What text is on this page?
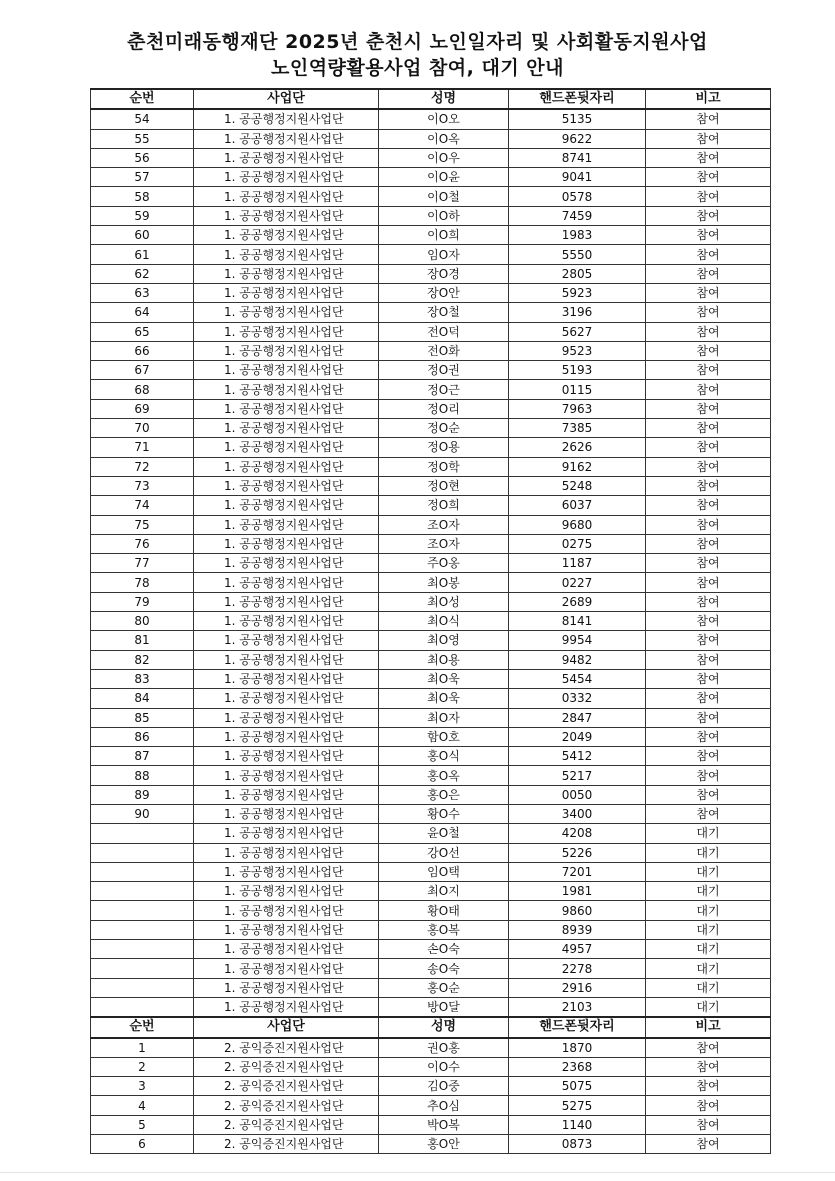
춘천미래동행재단 2025년 춘천시 노인일자리 및 사회활동지원사업
노인역량활용사업 참여, 대기 안내
순번	사업단	성명	핸드폰뒷자리	비고
54	1. 공공행정지원사업단	이O오	5135	참여
55	1. 공공행정지원사업단	이O옥	9622	참여
56	1. 공공행정지원사업단	이O우	8741	참여
57	1. 공공행정지원사업단	이O윤	9041	참여
58	1. 공공행정지원사업단	이O철	0578	참여
59	1. 공공행정지원사업단	이O하	7459	참여
60	1. 공공행정지원사업단	이O희	1983	참여
61	1. 공공행정지원사업단	임O자	5550	참여
62	1. 공공행정지원사업단	장O경	2805	참여
63	1. 공공행정지원사업단	장O안	5923	참여
64	1. 공공행정지원사업단	장O철	3196	참여
65	1. 공공행정지원사업단	전O덕	5627	참여
66	1. 공공행정지원사업단	전O화	9523	참여
67	1. 공공행정지원사업단	정O권	5193	참여
68	1. 공공행정지원사업단	정O근	0115	참여
69	1. 공공행정지원사업단	정O리	7963	참여
70	1. 공공행정지원사업단	정O순	7385	참여
71	1. 공공행정지원사업단	정O용	2626	참여
72	1. 공공행정지원사업단	정O학	9162	참여
73	1. 공공행정지원사업단	정O현	5248	참여
74	1. 공공행정지원사업단	정O희	6037	참여
75	1. 공공행정지원사업단	조O자	9680	참여
76	1. 공공행정지원사업단	조O자	0275	참여
77	1. 공공행정지원사업단	주O옹	1187	참여
78	1. 공공행정지원사업단	최O봉	0227	참여
79	1. 공공행정지원사업단	최O성	2689	참여
80	1. 공공행정지원사업단	최O식	8141	참여
81	1. 공공행정지원사업단	최O영	9954	참여
82	1. 공공행정지원사업단	최O용	9482	참여
83	1. 공공행정지원사업단	최O욱	5454	참여
84	1. 공공행정지원사업단	최O욱	0332	참여
85	1. 공공행정지원사업단	최O자	2847	참여
86	1. 공공행정지원사업단	함O호	2049	참여
87	1. 공공행정지원사업단	홍O식	5412	참여
88	1. 공공행정지원사업단	홍O옥	5217	참여
89	1. 공공행정지원사업단	홍O은	0050	참여
90	1. 공공행정지원사업단	황O수	3400	참여
	1. 공공행정지원사업단	윤O철	4208	대기
	1. 공공행정지원사업단	강O선	5226	대기
	1. 공공행정지원사업단	임O택	7201	대기
	1. 공공행정지원사업단	최O지	1981	대기
	1. 공공행정지원사업단	황O태	9860	대기
	1. 공공행정지원사업단	홍O복	8939	대기
	1. 공공행정지원사업단	손O숙	4957	대기
	1. 공공행정지원사업단	송O숙	2278	대기
	1. 공공행정지원사업단	홍O순	2916	대기
	1. 공공행정지원사업단	방O달	2103	대기
순번	사업단	성명	핸드폰뒷자리	비고
1	2. 공익증진지원사업단	권O홍	1870	참여
2	2. 공익증진지원사업단	이O수	2368	참여
3	2. 공익증진지원사업단	김O중	5075	참여
4	2. 공익증진지원사업단	추O심	5275	참여
5	2. 공익증진지원사업단	박O복	1140	참여
6	2. 공익증진지원사업단	홍O안	0873	참여
